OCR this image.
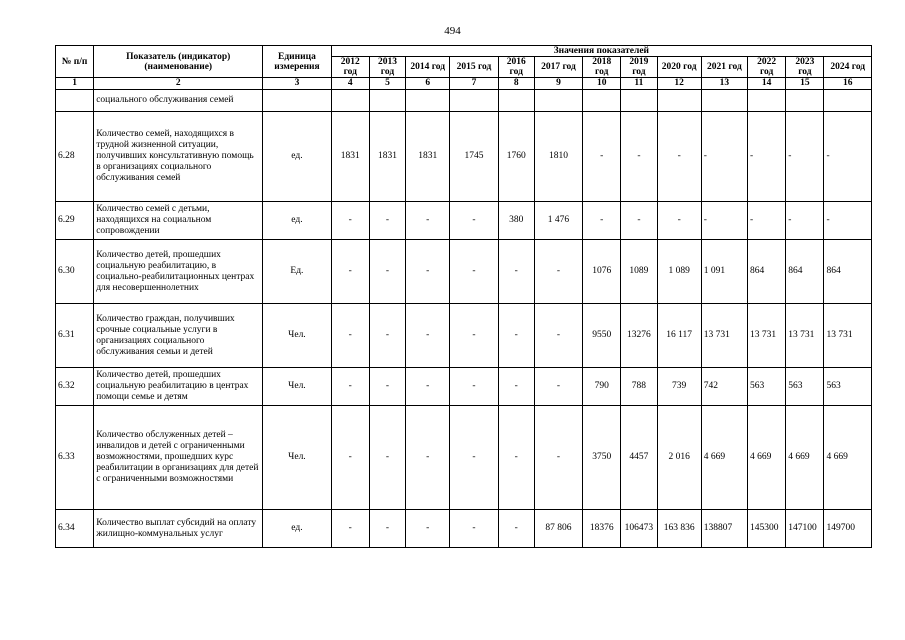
494
№ п/п	Показатель (индикатор) (наименование)	Единица измерения	Значения показателей												
			2012 год	2013 год	2014 год	2015 год	2016 год	2017 год	2018 год	2019 год	2020 год	2021 год	2022 год	2023 год	2024 год
1	2	3	4	5	6	7	8	9	10	11	12	13	14	15	16
	социального обслуживания семей														
6.28	Количество семей, находящихся в трудной жизненной ситуации, получивших консультативную помощь в организациях социального обслуживания семей	ед.	1831	1831	1831	1745	1760	1810	-	-	-	-	-	-	-
6.29	Количество семей с детьми, находящихся на социальном сопровождении	ед.	-	-	-	-	380	1 476	-	-	-	-	-	-	-
6.30	Количество детей, прошедших социальную реабилитацию, в социально-реабилитационных центрах для несовершеннолетних	Ед.	-	-	-	-	-	-	1076	1089	1 089	1 091	864	864	864
6.31	Количество граждан, получивших срочные социальные услуги в организациях социального обслуживания семьи и детей	Чел.	-	-	-	-	-	-	9550	13276	16 117	13 731	13 731	13 731	13 731
6.32	Количество детей, прошедших социальную реабилитацию в центрах помощи семье и детям	Чел.	-	-	-	-	-	-	790	788	739	742	563	563	563
6.33	Количество обслуженных детей –инвалидов и детей с ограниченными возможностями, прошедших курс реабилитации в организациях для детей с ограниченными возможностями	Чел.	-	-	-	-	-	-	3750	4457	2 016	4 669	4 669	4 669	4 669
6.34	Количество выплат субсидий на оплату жилищно-коммунальных услуг	ед.	-	-	-	-	-	87 806	18376	106473	163 836	138807	145300	147100	149700
